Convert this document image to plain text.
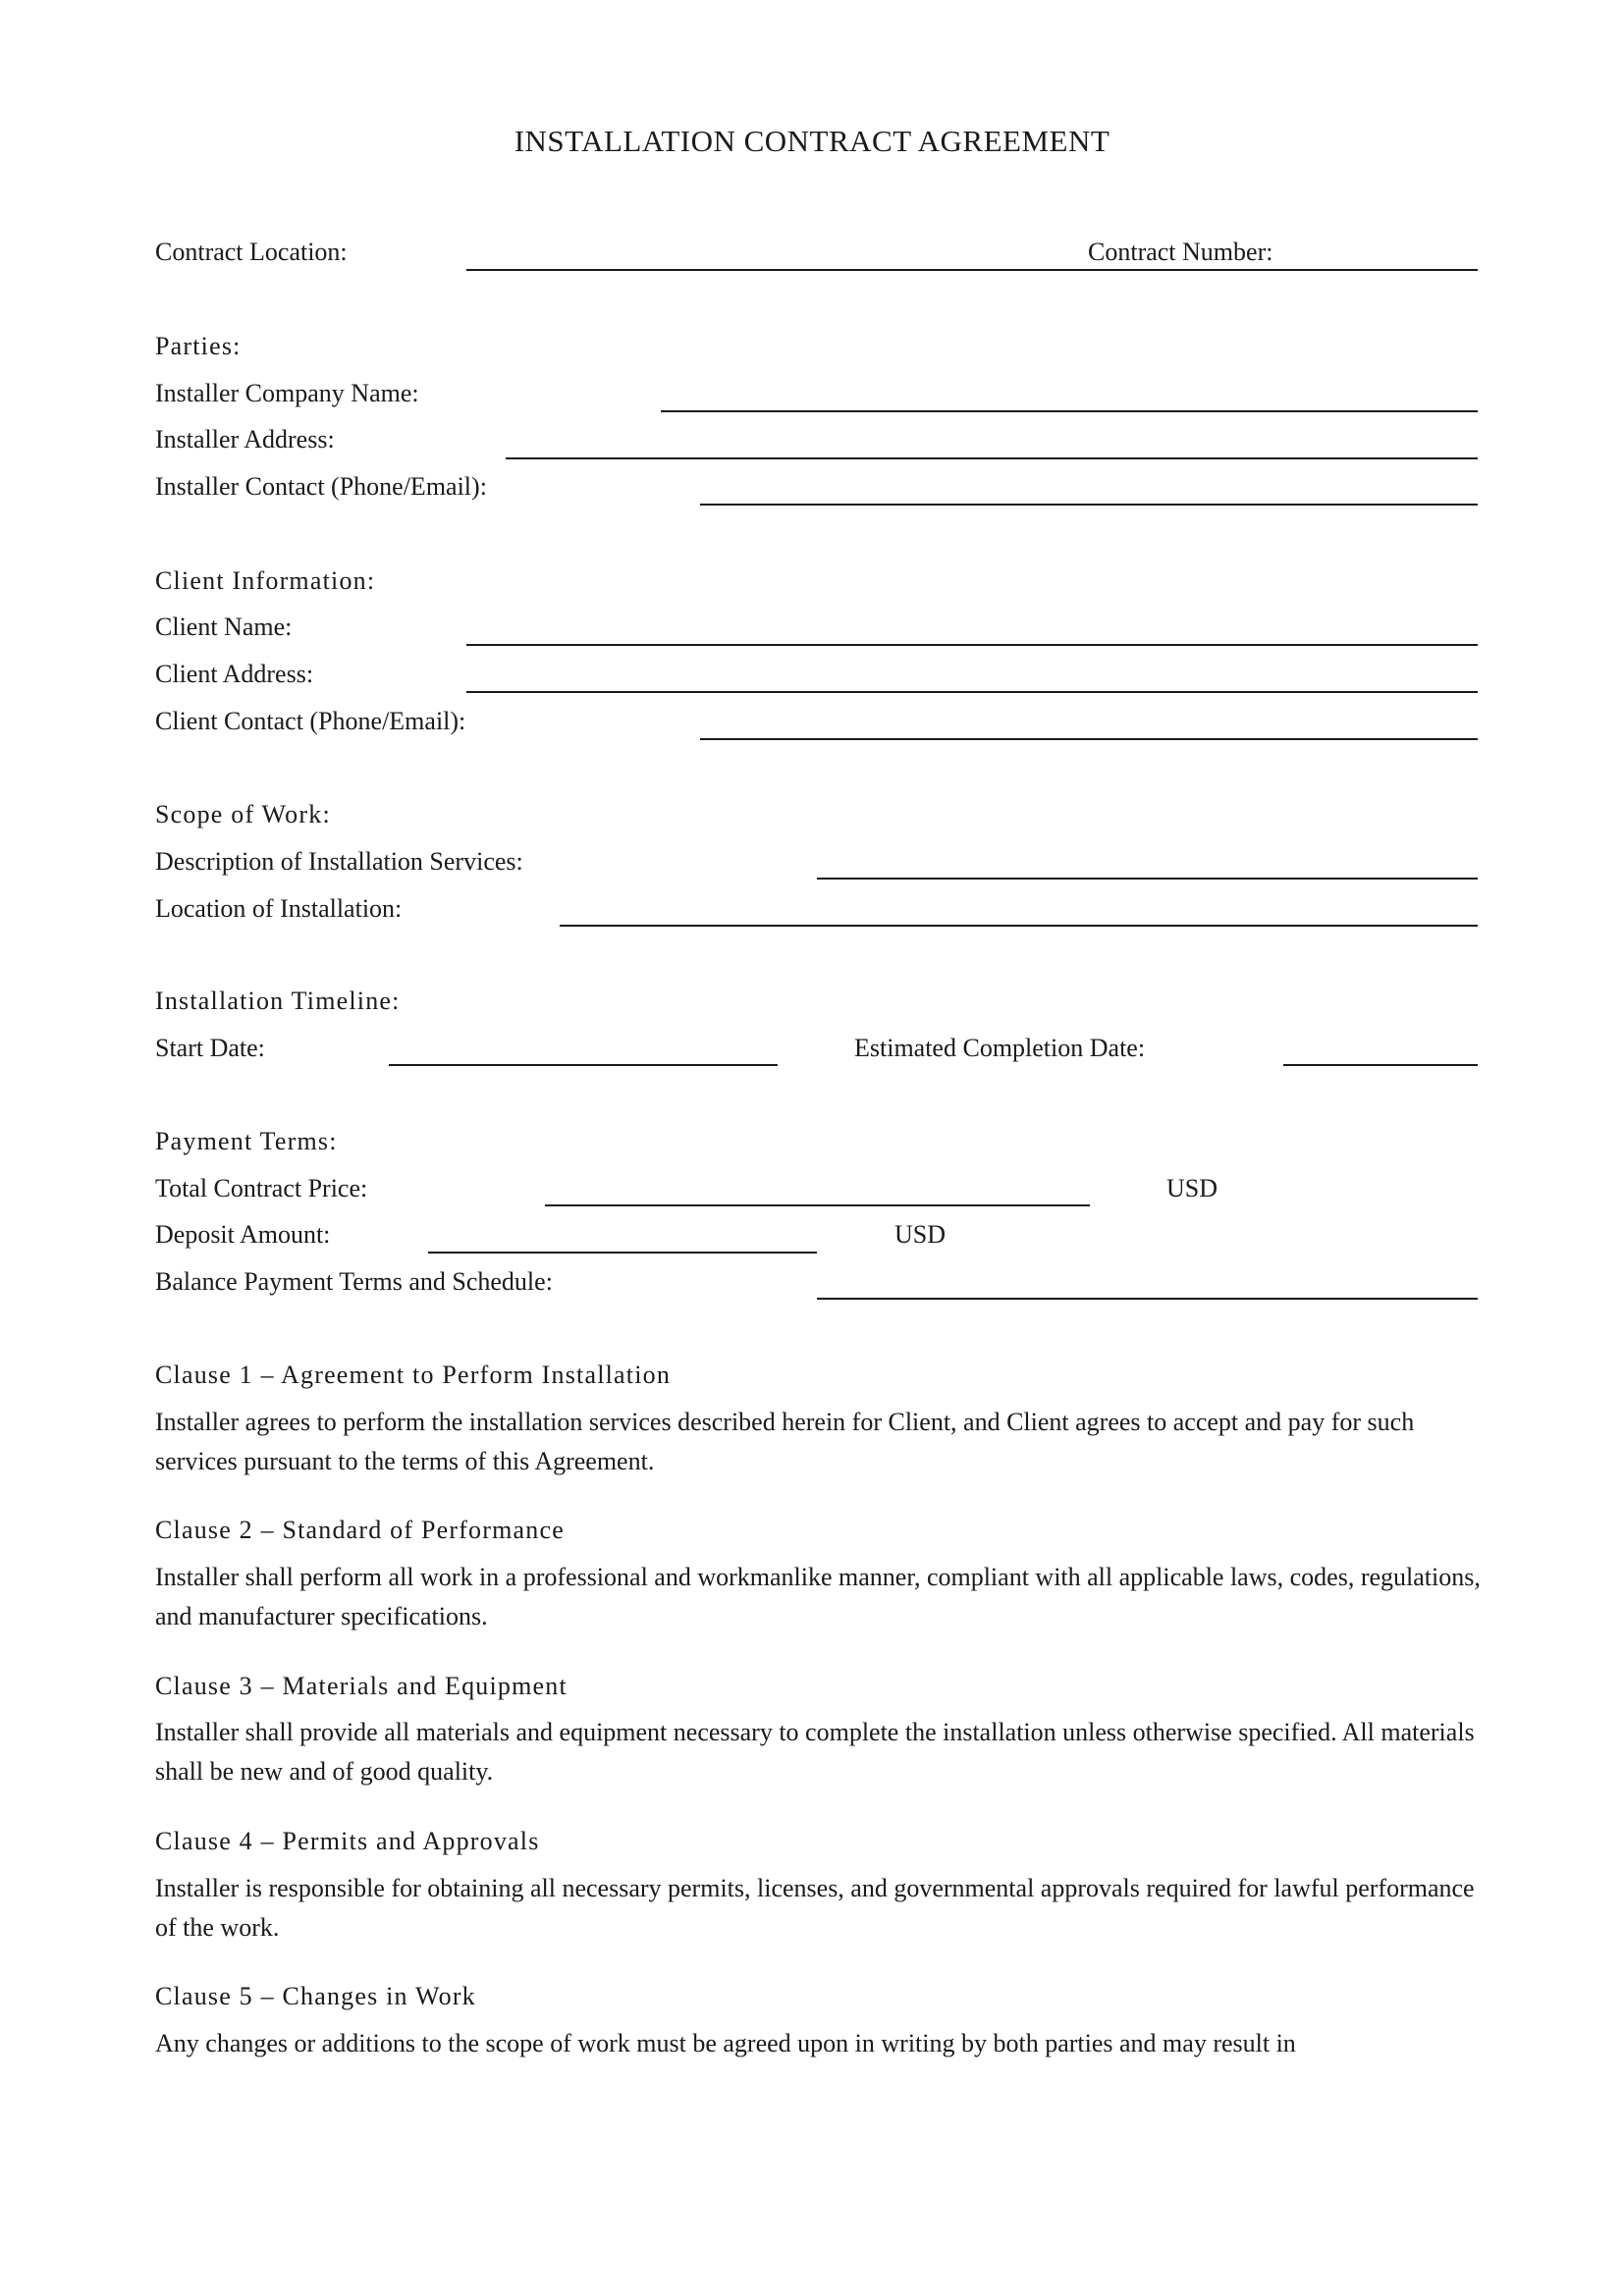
INSTALLATION CONTRACT AGREEMENT
Contract Location:	Contract Number:
Parties:
Installer Company Name:
Installer Address:
Installer Contact (Phone/Email):
Client Information:
Client Name:
Client Address:
Client Contact (Phone/Email):
Scope of Work:
Description of Installation Services:
Location of Installation:
Installation Timeline:
Start Date:	Estimated Completion Date:
Payment Terms:
Total Contract Price:	USD
Deposit Amount:	USD
Balance Payment Terms and Schedule:
Clause 1 – Agreement to Perform Installation
Installer agrees to perform the installation services described herein for Client, and Client agrees to accept and pay for such services pursuant to the terms of this Agreement.
Clause 2 – Standard of Performance
Installer shall perform all work in a professional and workmanlike manner, compliant with all applicable laws, codes, regulations, and manufacturer specifications.
Clause 3 – Materials and Equipment
Installer shall provide all materials and equipment necessary to complete the installation unless otherwise specified. All materials shall be new and of good quality.
Clause 4 – Permits and Approvals
Installer is responsible for obtaining all necessary permits, licenses, and governmental approvals required for lawful performance of the work.
Clause 5 – Changes in Work
Any changes or additions to the scope of work must be agreed upon in writing by both parties and may result in
